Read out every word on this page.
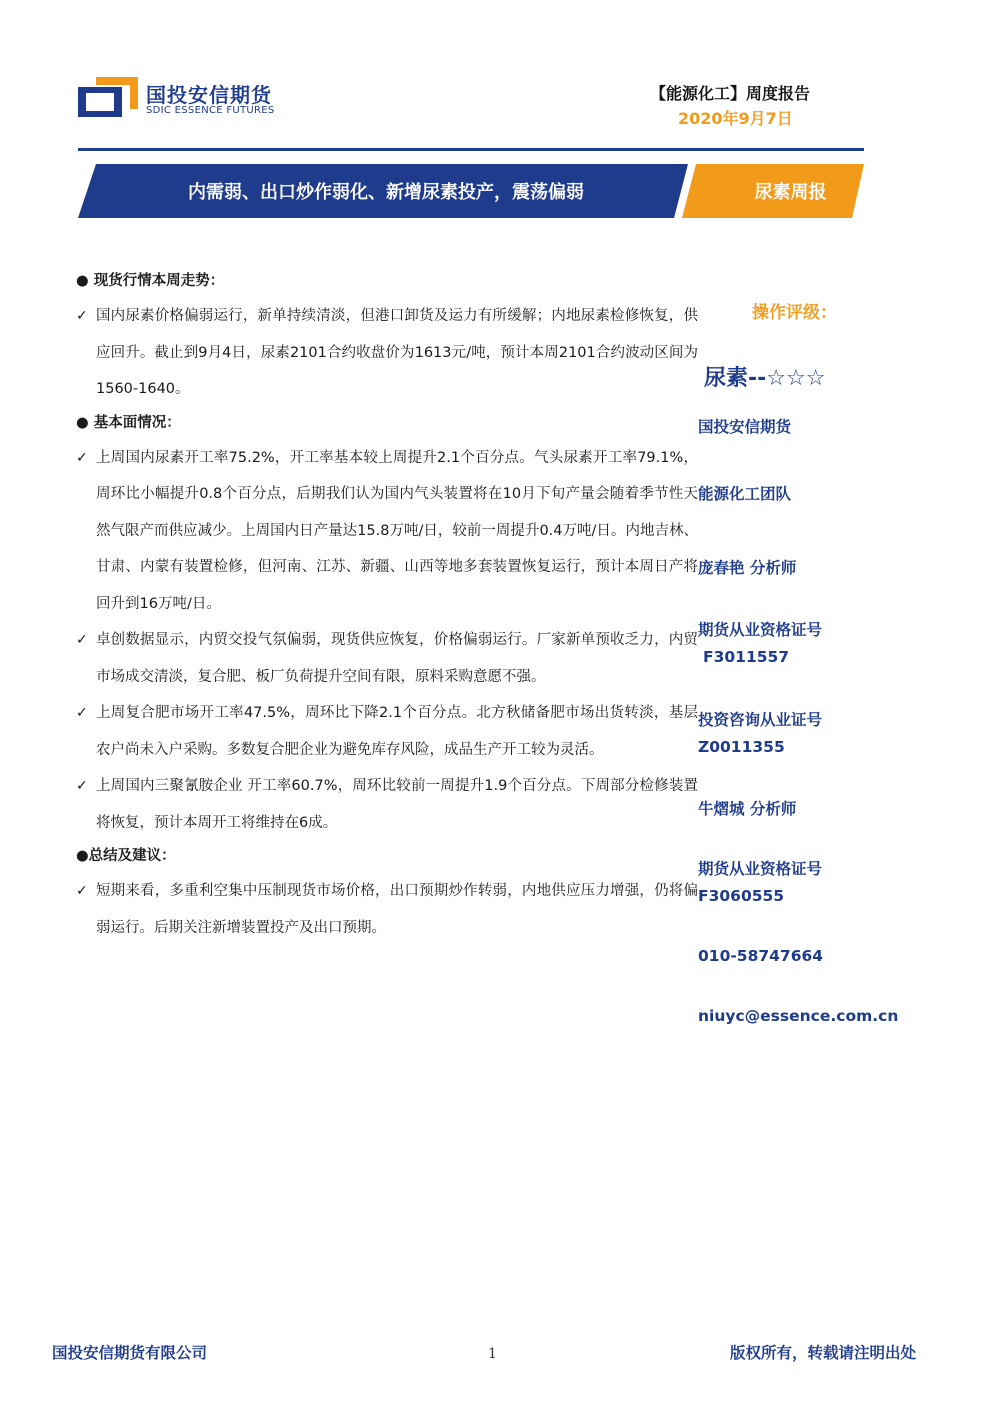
国投安信期货
SDIC ESSENCE FUTURES
【能源化工】周度报告
2020年9月7日
内需弱、出口炒作弱化、新增尿素投产，震荡偏弱	尿素周报
● 现货行情本周走势：
✓ 国内尿素价格偏弱运行，新单持续清淡，但港口卸货及运力有所缓解；内地尿素检修恢复，供应回升。截止到9月4日，尿素2101合约收盘价为1613元/吨，预计本周2101合约波动区间为1560-1640。
● 基本面情况：
✓ 上周国内尿素开工率75.2%，开工率基本较上周提升2.1个百分点。气头尿素开工率79.1%，周环比小幅提升0.8个百分点，后期我们认为国内气头装置将在10月下旬产量会随着季节性天然气限产而供应减少。上周国内日产量达15.8万吨/日，较前一周提升0.4万吨/日。内地吉林、甘肃、内蒙有装置检修，但河南、江苏、新疆、山西等地多套装置恢复运行，预计本周日产将回升到16万吨/日。
✓ 卓创数据显示，内贸交投气氛偏弱，现货供应恢复，价格偏弱运行。厂家新单预收乏力，内贸市场成交清淡，复合肥、板厂负荷提升空间有限，原料采购意愿不强。
✓ 上周复合肥市场开工率47.5%，周环比下降2.1个百分点。北方秋储备肥市场出货转淡，基层农户尚未入户采购。多数复合肥企业为避免库存风险，成品生产开工较为灵活。
✓ 上周国内三聚氰胺企业 开工率60.7%，周环比较前一周提升1.9个百分点。下周部分检修装置将恢复，预计本周开工将维持在6成。
●总结及建议：
✓ 短期来看，多重利空集中压制现货市场价格，出口预期炒作转弱，内地供应压力增强，仍将偏弱运行。后期关注新增装置投产及出口预期。
操作评级：
尿素--☆☆☆
国投安信期货
能源化工团队
庞春艳 分析师
期货从业资格证号
F3011557
投资咨询从业证号
Z0011355
牛熠城 分析师
期货从业资格证号
F3060555
010-58747664
niuyc@essence.com.cn
国投安信期货有限公司	1	版权所有，转载请注明出处
